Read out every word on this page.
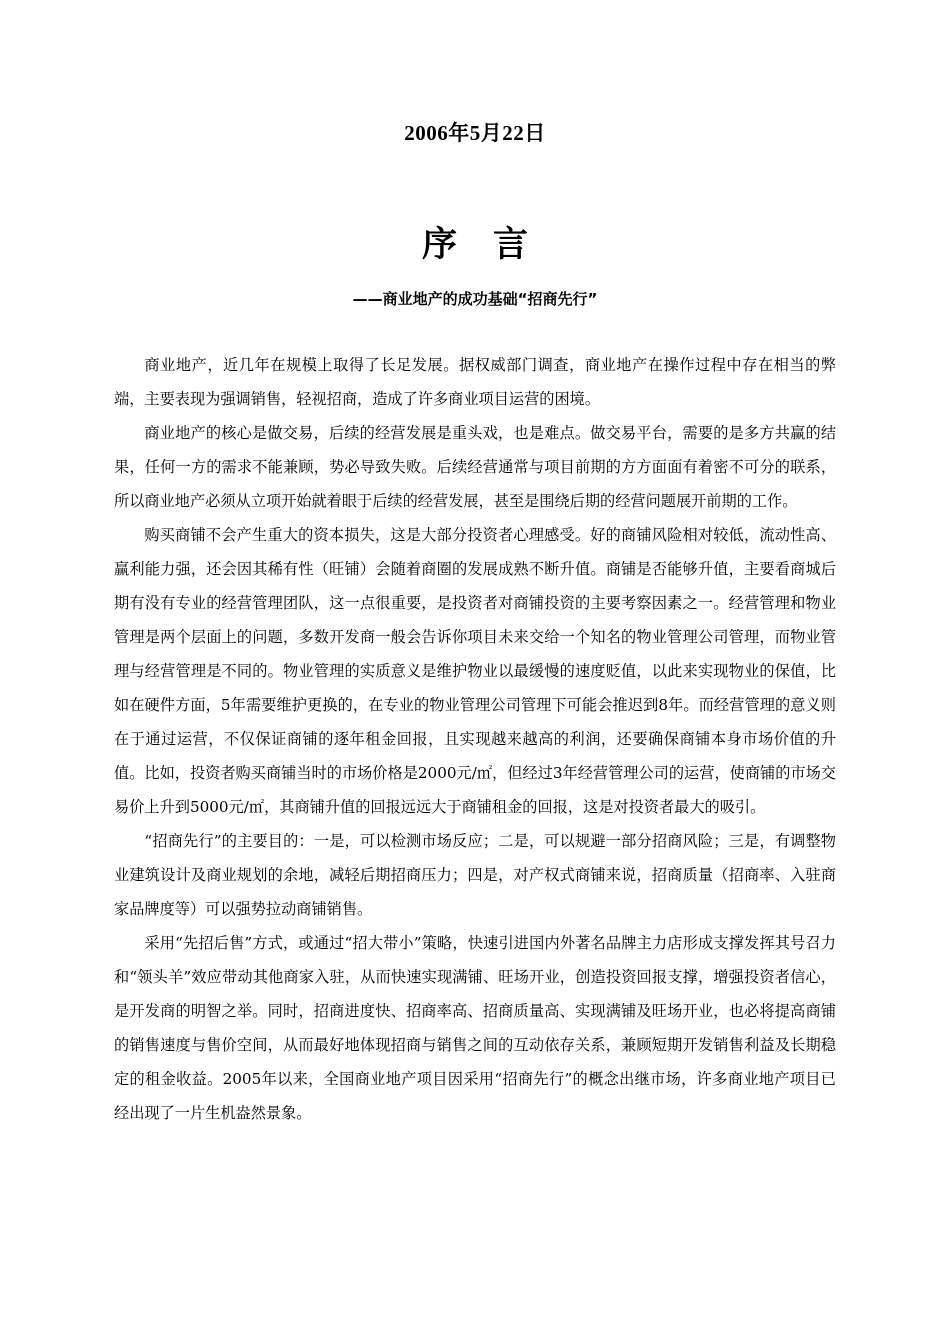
2006年5月22日
序言
——商业地产的成功基础“招商先行”

商业地产，近几年在规模上取得了长足发展。据权威部门调查，商业地产在操作过程中存在相当的弊端，主要表现为强调销售，轻视招商，造成了许多商业项目运营的困境。

商业地产的核心是做交易，后续的经营发展是重头戏，也是难点。做交易平台，需要的是多方共赢的结果，任何一方的需求不能兼顾，势必导致失败。后续经营通常与项目前期的方方面面有着密不可分的联系，所以商业地产必须从立项开始就着眼于后续的经营发展，甚至是围绕后期的经营问题展开前期的工作。

购买商铺不会产生重大的资本损失，这是大部分投资者心理感受。好的商铺风险相对较低，流动性高、赢利能力强，还会因其稀有性（旺铺）会随着商圈的发展成熟不断升值。商铺是否能够升值，主要看商城后期有没有专业的经营管理团队，这一点很重要，是投资者对商铺投资的主要考察因素之一。经营管理和物业管理是两个层面上的问题，多数开发商一般会告诉你项目未来交给一个知名的物业管理公司管理，而物业管理与经营管理是不同的。物业管理的实质意义是维护物业以最缓慢的速度贬值，以此来实现物业的保值，比如在硬件方面，5年需要维护更换的，在专业的物业管理公司管理下可能会推迟到8年。而经营管理的意义则在于通过运营，不仅保证商铺的逐年租金回报，且实现越来越高的利润，还要确保商铺本身市场价值的升值。比如，投资者购买商铺当时的市场价格是2000元/㎡，但经过3年经营管理公司的运营，使商铺的市场交易价上升到5000元/㎡，其商铺升值的回报远远大于商铺租金的回报，这是对投资者最大的吸引。

“招商先行”的主要目的：一是，可以检测市场反应；二是，可以规避一部分招商风险；三是，有调整物业建筑设计及商业规划的余地，减轻后期招商压力；四是，对产权式商铺来说，招商质量（招商率、入驻商家品牌度等）可以强势拉动商铺销售。

采用“先招后售”方式，或通过“招大带小”策略，快速引进国内外著名品牌主力店形成支撑发挥其号召力和“领头羊”效应带动其他商家入驻，从而快速实现满铺、旺场开业，创造投资回报支撑，增强投资者信心，是开发商的明智之举。同时，招商进度快、招商率高、招商质量高、实现满铺及旺场开业，也必将提高商铺的销售速度与售价空间，从而最好地体现招商与销售之间的互动依存关系，兼顾短期开发销售利益及长期稳定的租金收益。2005年以来，全国商业地产项目因采用“招商先行”的概念出继市场，许多商业地产项目已经出现了一片生机盎然景象。
